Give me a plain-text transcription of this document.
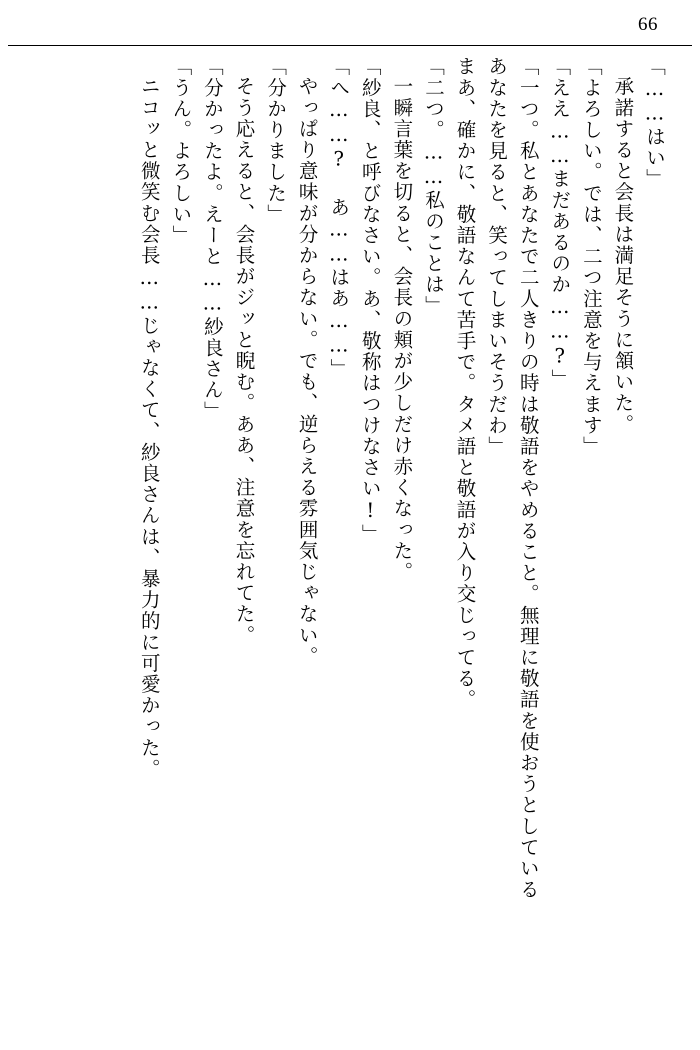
66

「……はい」

承諾すると会長は満足そうに頷いた。

「よろしい。では、二つ注意を与えます」

「ええ……まだあるのか……?」

「一つ。私とあなたで二人きりの時は敬語をやめること。無理に敬語を使おうとしている

あなたを見ると、笑ってしまいそうだわ」

まあ、確かに、敬語なんて苦手で。タメ語と敬語が入り交じってる。

「二つ。……私のことは」

一瞬言葉を切ると、会長の頬が少しだけ赤くなった。

「紗良、と呼びなさい。あ、敬称はつけなさい!」

「へ……? あ……はあ……」

やっぱり意味が分からない。でも、逆らえる雰囲気じゃない。

「分かりました」

そう応えると、会長がジッと睨む。ああ、注意を忘れてた。

「分かったよ。えーと……紗良さん」

「うん。よろしい」

ニコッと微笑む会長……じゃなくて、紗良さんは、暴力的に可愛かった。
